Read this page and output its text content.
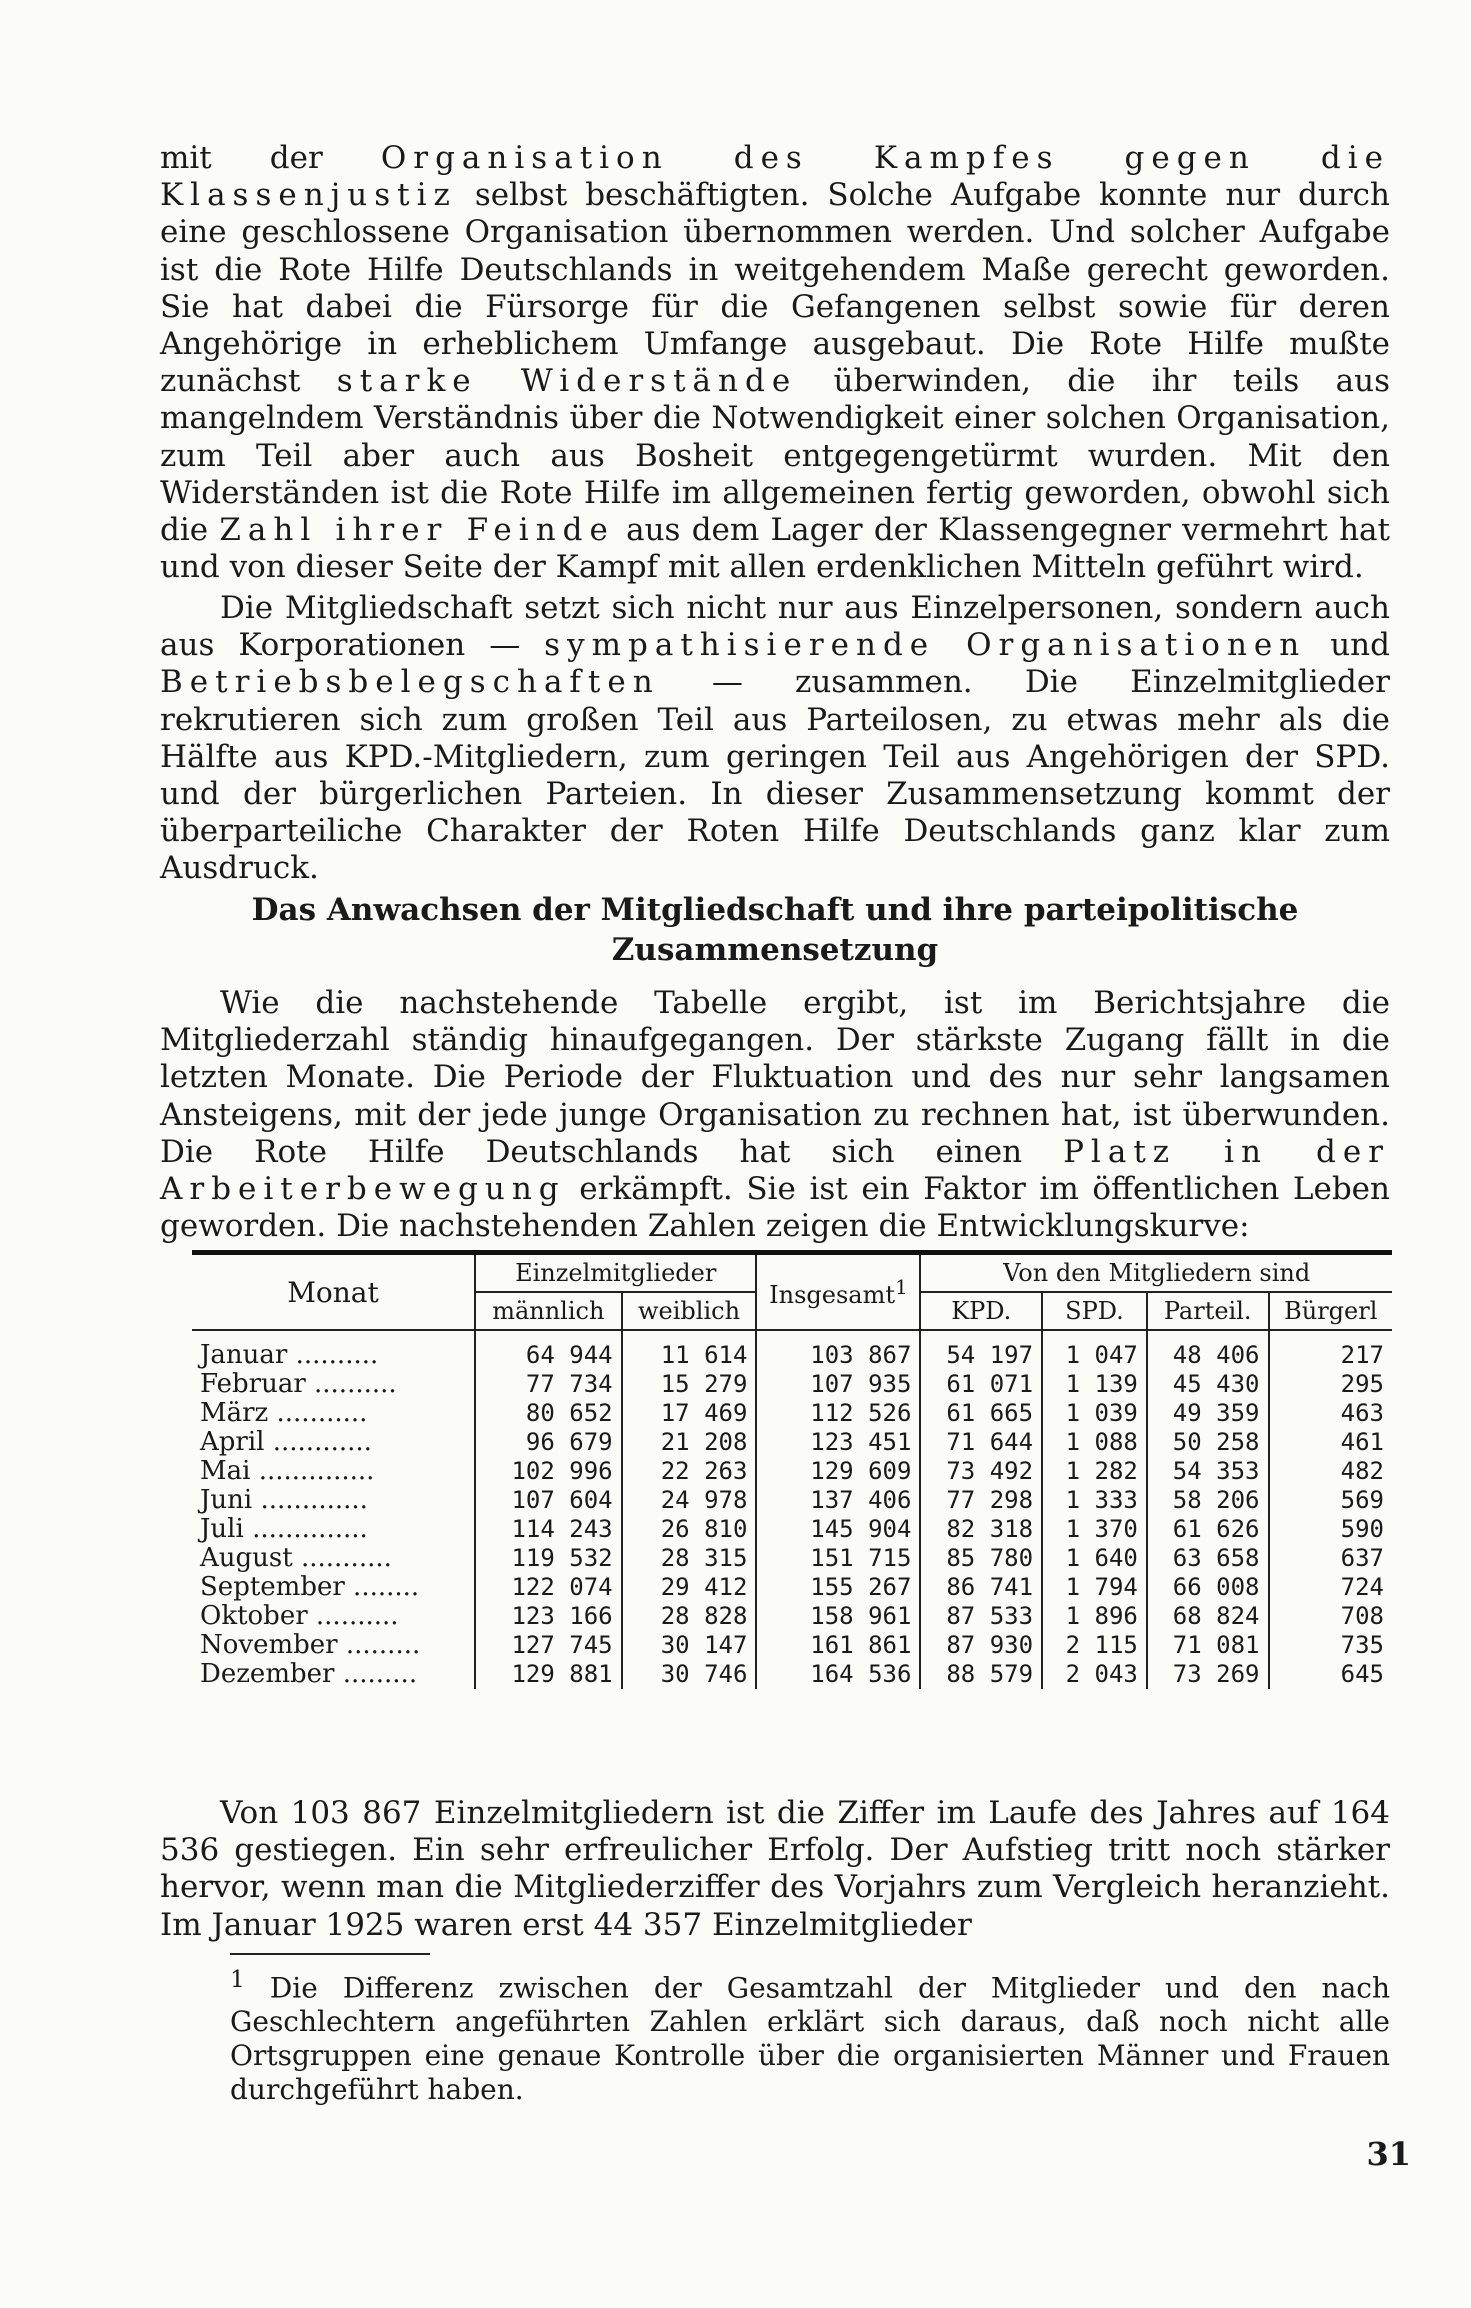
mit der Organisation des Kampfes gegen die Klassenjustiz selbst beschäftigten. Solche Aufgabe konnte nur durch eine geschlossene Organisation übernommen werden. Und solcher Aufgabe ist die Rote Hilfe Deutschlands in weitgehendem Maße gerecht geworden. Sie hat dabei die Fürsorge für die Gefangenen selbst sowie für deren Angehörige in erheblichem Umfange ausgebaut. Die Rote Hilfe mußte zunächst starke Widerstände überwinden, die ihr teils aus mangelndem Verständnis über die Notwendigkeit einer solchen Organisation, zum Teil aber auch aus Bosheit entgegengetürmt wurden. Mit den Widerständen ist die Rote Hilfe im allgemeinen fertig geworden, obwohl sich die Zahl ihrer Feinde aus dem Lager der Klassengegner vermehrt hat und von dieser Seite der Kampf mit allen erdenklichen Mitteln geführt wird.

Die Mitgliedschaft setzt sich nicht nur aus Einzelpersonen, sondern auch aus Korporationen — sympathisierende Organisationen und Betriebsbelegschaften — zusammen. Die Einzelmitglieder rekrutieren sich zum großen Teil aus Parteilosen, zu etwas mehr als die Hälfte aus KPD.-Mitgliedern, zum geringen Teil aus Angehörigen der SPD. und der bürgerlichen Parteien. In dieser Zusammensetzung kommt der überparteiliche Charakter der Roten Hilfe Deutschlands ganz klar zum Ausdruck.

Das Anwachsen der Mitgliedschaft und ihre parteipolitische
Zusammensetzung

Wie die nachstehende Tabelle ergibt, ist im Berichtsjahre die Mitgliederzahl ständig hinaufgegangen. Der stärkste Zugang fällt in die letzten Monate. Die Periode der Fluktuation und des nur sehr langsamen Ansteigens, mit der jede junge Organisation zu rechnen hat, ist überwunden. Die Rote Hilfe Deutschlands hat sich einen Platz in der Arbeiterbewegung erkämpft. Sie ist ein Faktor im öffentlichen Leben geworden. Die nachstehenden Zahlen zeigen die Entwicklungskurve:

Monat	Einzelmitglieder		Insgesamt$^1$	Von den Mitgliedern sind			
	männlich	weiblich		KPD.	SPD.	Parteil.	Bürgerl
Januar ..........	64 944	11 614	103 867	54 197	1 047	48 406	217
Februar ..........	77 734	15 279	107 935	61 071	1 139	45 430	295
März ...........	80 652	17 469	112 526	61 665	1 039	49 359	463
April ............	96 679	21 208	123 451	71 644	1 088	50 258	461
Mai ..............	102 996	22 263	129 609	73 492	1 282	54 353	482
Juni .............	107 604	24 978	137 406	77 298	1 333	58 206	569
Juli ..............	114 243	26 810	145 904	82 318	1 370	61 626	590
August ...........	119 532	28 315	151 715	85 780	1 640	63 658	637
September ........	122 074	29 412	155 267	86 741	1 794	66 008	724
Oktober ..........	123 166	28 828	158 961	87 533	1 896	68 824	708
November .........	127 745	30 147	161 861	87 930	2 115	71 081	735
Dezember .........	129 881	30 746	164 536	88 579	2 043	73 269	645

Von 103 867 Einzelmitgliedern ist die Ziffer im Laufe des Jahres auf 164 536 gestiegen. Ein sehr erfreulicher Erfolg. Der Aufstieg tritt noch stärker hervor, wenn man die Mitgliederziffer des Vorjahrs zum Vergleich heranzieht. Im Januar 1925 waren erst 44 357 Einzelmitglieder

$^1$ Die Differenz zwischen der Gesamtzahl der Mitglieder und den nach Geschlechtern angeführten Zahlen erklärt sich daraus, daß noch nicht alle Ortsgruppen eine genaue Kontrolle über die organisierten Männer und Frauen durchgeführt haben.

31
